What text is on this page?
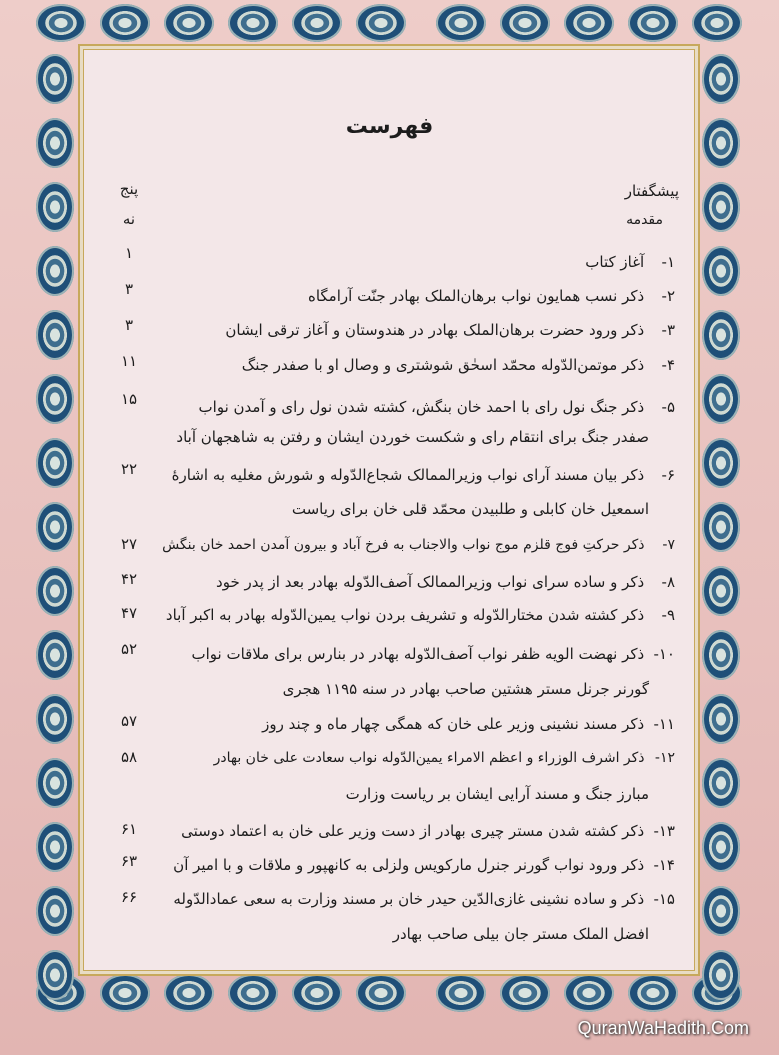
فهرست
پیشگفتار
پنج
مقدمه
نه
۱- آغاز کتاب
۱
۲- ذکر نسب همایون نواب برهان‌الملک بهادر جنّت آرامگاه
۳
۳- ذکر ورود حضرت برهان‌الملک بهادر در هندوستان و آغاز ترقی ایشان
۳
۴- ذکر موتمن‌الدّوله محمّد اسحٰق شوشتری و وصال او با صفدر جنگ
۱۱
۵- ذکر جنگ نول رای با احمد خان بنگش، کشته شدن نول رای و آمدن نواب
صفدر جنگ برای انتقام رای و شکست خوردن ایشان و رفتن به شاهجهان آباد
۱۵
۶- ذکر بیان مسند آرای نواب وزیرالممالک شجاع‌الدّوله و شورش مغلیه به اشارهٔ
اسمعیل خان کابلی و طلبیدن محمّد قلی خان برای ریاست
۲۲
۷- ذکر حرکتِ فوج قلزم موج نواب والاجناب به فرخ آباد و بیرون آمدن احمد خان بنگش
۲۷
۸- ذکر و ساده سرای نواب وزیرالممالک آصف‌الدّوله بهادر بعد از پدر خود
۴۲
۹- ذکر کشته شدن مختارالدّوله و تشریف بردن نواب یمین‌الدّوله بهادر به اکبر آباد
۴۷
۱۰- ذکر نهضت الویه ظفر نواب آصف‌الدّوله بهادر در بنارس برای ملاقات نواب
گورنر جرنل مستر هشتین صاحب بهادر در سنه ۱۱۹۵ هجری
۵۲
۱۱- ذکر مسند نشینی وزیر علی خان که همگی چهار ماه و چند روز
۵۷
۱۲- ذکر اشرف الوزراء و اعظم الامراء یمین‌الدّوله نواب سعادت علی خان بهادر
مبارز جنگ و مسند آرایی ایشان بر ریاست وزارت
۵۸
۱۳- ذکر کشته شدن مستر چیری بهادر از دست وزیر علی خان به اعتماد دوستی
۶۱
۱۴- ذکر ورود نواب گورنر جنرل مارکویس ولزلی به کانهپور و ملاقات و با امیر آن
۶۳
۱۵- ذکر و ساده نشینی غازی‌الدّین حیدر خان بر مسند وزارت به سعی عماد‌الدّوله
افضل الملک مستر جان بیلی صاحب بهادر
۶۶
QuranWaHadith.Com
